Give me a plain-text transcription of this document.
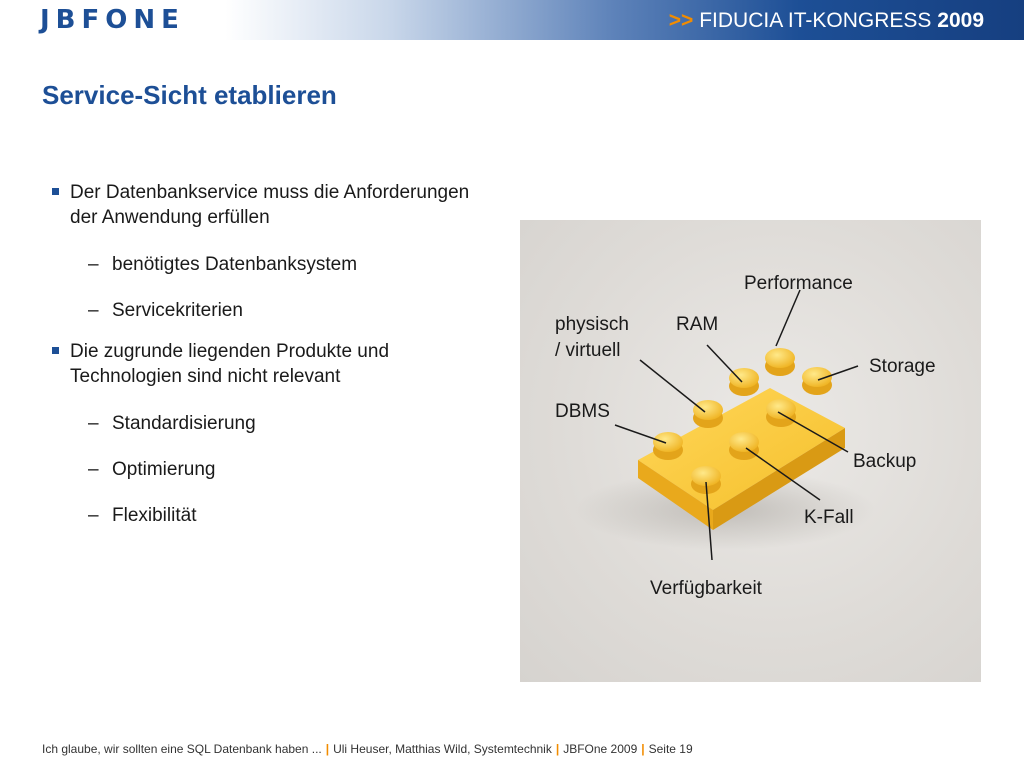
JBFONE	>> FIDUCIA IT-KONGRESS 2009
Service-Sicht etablieren
Der Datenbankservice muss die Anforderungen der Anwendung erfüllen
– benötigtes Datenbanksystem
– Servicekriterien
Die zugrunde liegenden Produkte und Technologien sind nicht relevant
– Standardisierung
– Optimierung
– Flexibilität
Performance
physisch
/ virtuell
RAM
Storage
DBMS
Backup
K-Fall
Verfügbarkeit
Ich glaube, wir sollten eine SQL Datenbank haben ... | Uli Heuser, Matthias Wild, Systemtechnik | JBFOne 2009 | Seite 19
